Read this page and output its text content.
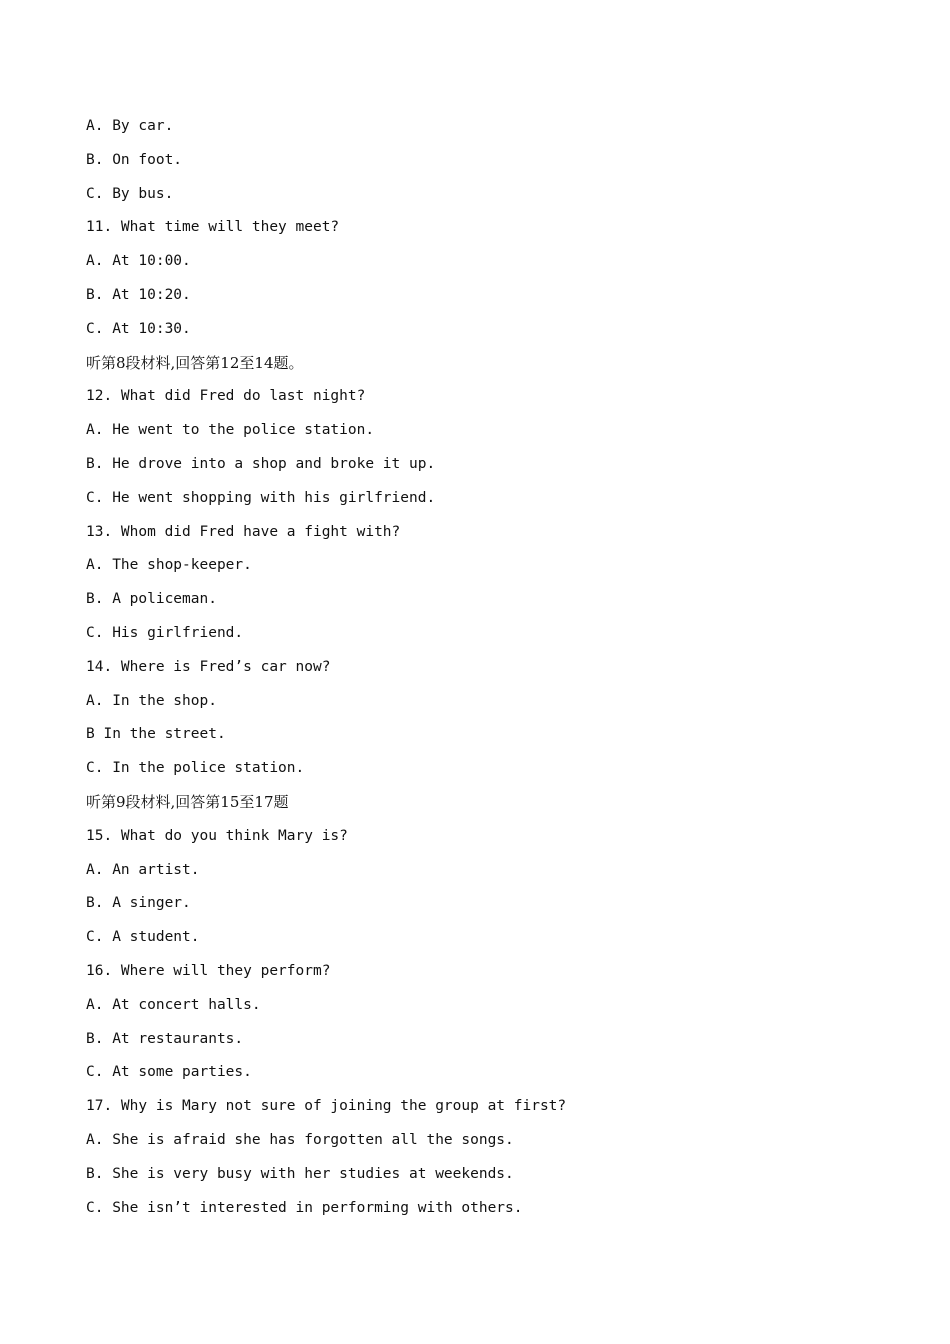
A. By car.
B. On foot.
C. By bus.
11. What time will they meet?
A. At 10:00.
B. At 10:20.
C. At 10:30.
听第8段材料,回答第12至14题。
12. What did Fred do last night?
A. He went to the police station.
B. He drove into a shop and broke it up.
C. He went shopping with his girlfriend.
13. Whom did Fred have a fight with?
A. The shop-keeper.
B. A policeman.
C. His girlfriend.
14. Where is Fred’s car now?
A. In the shop.
B In the street.
C. In the police station.
听第9段材料,回答第15至17题
15. What do you think Mary is?
A. An artist.
B. A singer.
C. A student.
16. Where will they perform?
A. At concert halls.
B. At restaurants.
C. At some parties.
17. Why is Mary not sure of joining the group at first?
A. She is afraid she has forgotten all the songs.
B. She is very busy with her studies at weekends.
C. She isn’t interested in performing with others.
